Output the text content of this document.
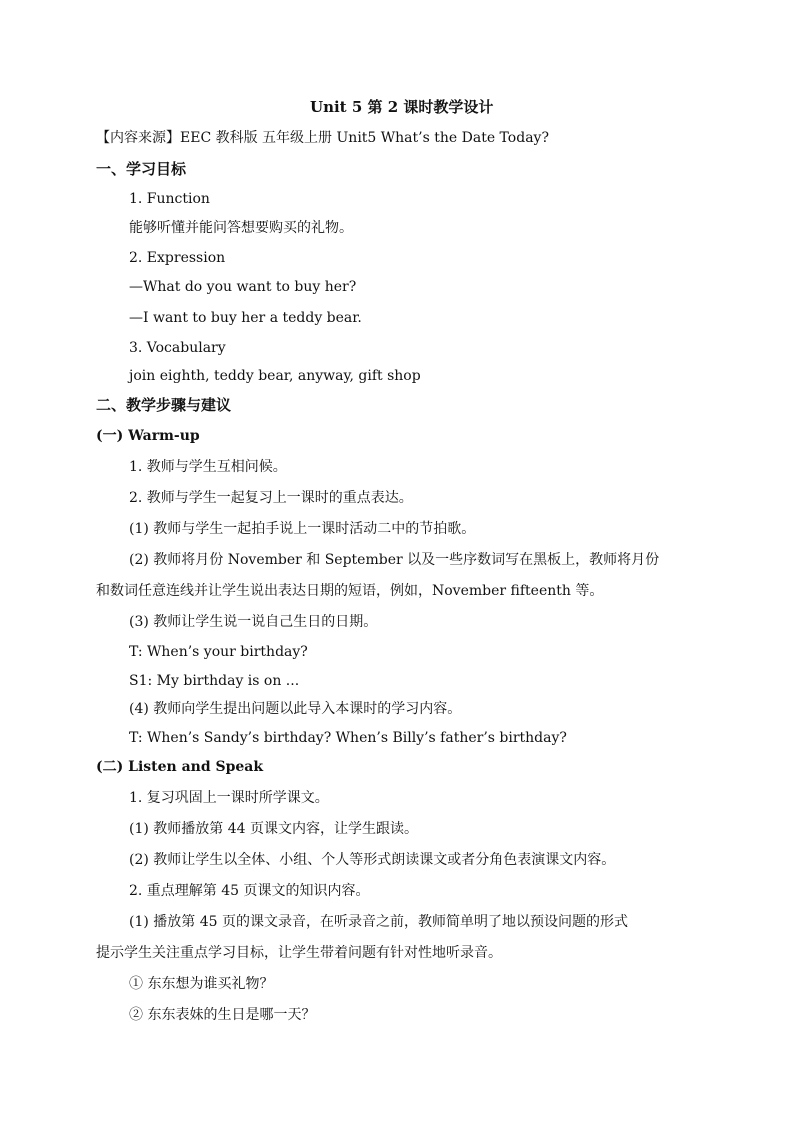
Unit 5 第 2 课时教学设计
【内容来源】EEC 教科版 五年级上册 Unit5 What’s the Date Today?
一、学习目标
1. Function
能够听懂并能问答想要购买的礼物。
2. Expression
—What do you want to buy her?
—I want to buy her a teddy bear.
3. Vocabulary
join eighth, teddy bear, anyway, gift shop
二、教学步骤与建议
(一) Warm-up
1. 教师与学生互相问候。
2. 教师与学生一起复习上一课时的重点表达。
(1) 教师与学生一起拍手说上一课时活动二中的节拍歌。
(2) 教师将月份 November 和 September 以及一些序数词写在黑板上，教师将月份
和数词任意连线并让学生说出表达日期的短语，例如，November fifteenth 等。
(3) 教师让学生说一说自己生日的日期。
T: When’s your birthday?
S1: My birthday is on ...
(4) 教师向学生提出问题以此导入本课时的学习内容。
T: When’s Sandy’s birthday? When’s Billy’s father’s birthday?
(二) Listen and Speak
1. 复习巩固上一课时所学课文。
(1) 教师播放第 44 页课文内容，让学生跟读。
(2) 教师让学生以全体、小组、个人等形式朗读课文或者分角色表演课文内容。
2. 重点理解第 45 页课文的知识内容。
(1) 播放第 45 页的课文录音，在听录音之前，教师简单明了地以预设问题的形式
提示学生关注重点学习目标，让学生带着问题有针对性地听录音。
① 东东想为谁买礼物？
② 东东表妹的生日是哪一天？
